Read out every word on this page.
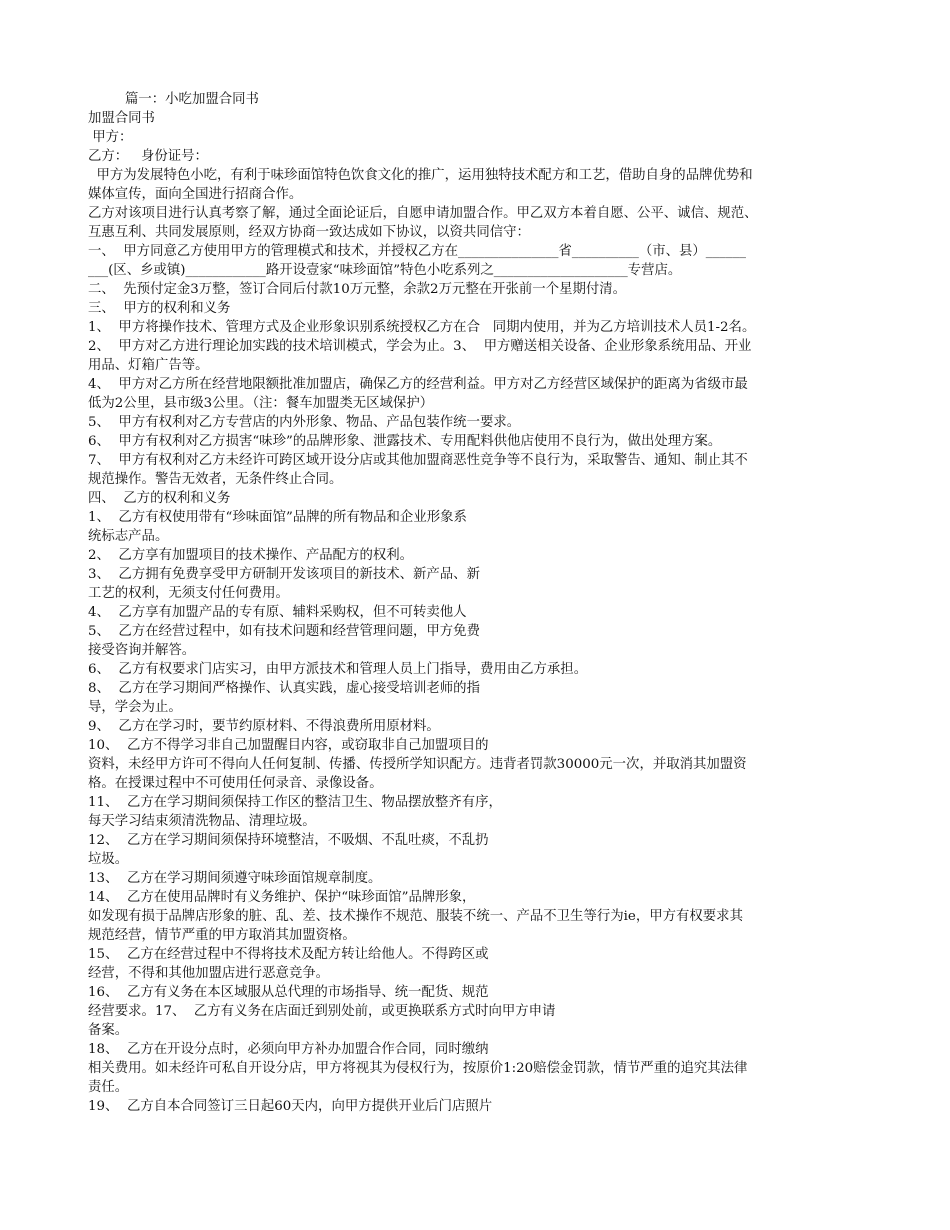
篇一：小吃加盟合同书
加盟合同书
甲方：
乙方：   身份证号：
甲方为发展特色小吃，有利于味珍面馆特色饮食文化的推广，运用独特技术配方和工艺，借助自身的品牌优势和
媒体宣传，面向全国进行招商合作。
乙方对该项目进行认真考察了解，通过全面论证后，自愿申请加盟合作。甲乙双方本着自愿、公平、诚信、规范、
互惠互利、共同发展原则，经双方协商一致达成如下协议，以资共同信守：
一、  甲方同意乙方使用甲方的管理模式和技术，并授权乙方在_______________省__________（市、县）______
___(区、乡或镇)____________路开设壹家“味珍面馆”特色小吃系列之____________________专营店。
二、  先预付定金3万整，签订合同后付款10万元整，余款2万元整在开张前一个星期付清。
三、  甲方的权利和义务
1、  甲方将操作技术、管理方式及企业形象识别系统授权乙方在合   同期内使用，并为乙方培训技术人员1-2名。
2、  甲方对乙方进行理论加实践的技术培训模式，学会为止。3、  甲方赠送相关设备、企业形象系统用品、开业
用品、灯箱广告等。
4、  甲方对乙方所在经营地限额批准加盟店，确保乙方的经营利益。甲方对乙方经营区域保护的距离为省级市最
低为2公里，县市级3公里。（注：餐车加盟类无区域保护）
5、  甲方有权利对乙方专营店的内外形象、物品、产品包装作统一要求。
6、  甲方有权利对乙方损害“味珍”的品牌形象、泄露技术、专用配料供他店使用不良行为，做出处理方案。
7、  甲方有权利对乙方未经许可跨区域开设分店或其他加盟商恶性竞争等不良行为，采取警告、通知、制止其不
规范操作。警告无效者，无条件终止合同。
四、  乙方的权利和义务
1、  乙方有权使用带有“珍味面馆”品牌的所有物品和企业形象系
统标志产品。
2、  乙方享有加盟项目的技术操作、产品配方的权利。
3、  乙方拥有免费享受甲方研制开发该项目的新技术、新产品、新
工艺的权利，无须支付任何费用。
4、  乙方享有加盟产品的专有原、辅料采购权，但不可转卖他人
5、  乙方在经营过程中，如有技术问题和经营管理问题，甲方免费
接受咨询并解答。
6、  乙方有权要求门店实习，由甲方派技术和管理人员上门指导，费用由乙方承担。
8、  乙方在学习期间严格操作、认真实践，虚心接受培训老师的指
导，学会为止。
9、  乙方在学习时，要节约原材料、不得浪费所用原材料。
10、  乙方不得学习非自己加盟醒目内容，或窃取非自己加盟项目的
资料，未经甲方许可不得向人任何复制、传播、传授所学知识配方。违背者罚款30000元一次，并取消其加盟资
格。在授课过程中不可使用任何录音、录像设备。
11、  乙方在学习期间须保持工作区的整洁卫生、物品摆放整齐有序，
每天学习结束须清洗物品、清理垃圾。
12、  乙方在学习期间须保持环境整洁，不吸烟、不乱吐痰，不乱扔
垃圾。
13、  乙方在学习期间须遵守味珍面馆规章制度。
14、  乙方在使用品牌时有义务维护、保护“味珍面馆”品牌形象，
如发现有损于品牌店形象的脏、乱、差、技术操作不规范、服装不统一、产品不卫生等行为ie，甲方有权要求其
规范经营，情节严重的甲方取消其加盟资格。
15、  乙方在经营过程中不得将技术及配方转让给他人。不得跨区或
经营，不得和其他加盟店进行恶意竞争。
16、  乙方有义务在本区域服从总代理的市场指导、统一配货、规范
经营要求。17、  乙方有义务在店面迁到别处前，或更换联系方式时向甲方申请
备案。
18、  乙方在开设分点时，必须向甲方补办加盟合作合同，同时缴纳
相关费用。如未经许可私自开设分店，甲方将视其为侵权行为，按原价1:20赔偿金罚款，情节严重的追究其法律
责任。
19、  乙方自本合同签订三日起60天内，向甲方提供开业后门店照片
